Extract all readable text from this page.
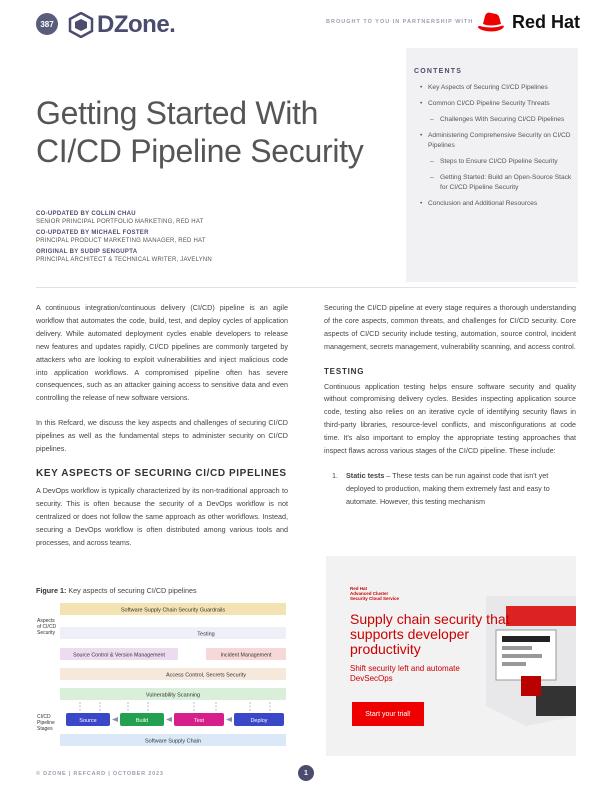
387 DZone.	BROUGHT TO YOU IN PARTNERSHIP WITH Red Hat
CONTENTS
• Key Aspects of Securing CI/CD Pipelines
• Common CI/CD Pipeline Security Threats
– Challenges With Securing CI/CD Pipelines
• Administering Comprehensive Security on CI/CD Pipelines
– Steps to Ensure CI/CD Pipeline Security
– Getting Started: Build an Open-Source Stack for CI/CD Pipeline Security
• Conclusion and Additional Resources
Getting Started With
CI/CD Pipeline Security
CO-UPDATED BY COLLIN CHAU
SENIOR PRINCIPAL PORTFOLIO MARKETING, RED HAT
CO-UPDATED BY MICHAEL FOSTER
PRINCIPAL PRODUCT MARKETING MANAGER, RED HAT
ORIGINAL BY SUDIP SENGUPTA
PRINCIPAL ARCHITECT & TECHNICAL WRITER, JAVELYNN

A continuous integration/continuous delivery (CI/CD) pipeline is an agile workflow that automates the code, build, test, and deploy cycles of application delivery. While automated deployment cycles enable developers to release new features and updates rapidly, CI/CD pipelines are commonly targeted by attackers who are looking to exploit vulnerabilities and inject malicious code into application workflows. A compromised pipeline often has severe consequences, such as an attacker gaining access to sensitive data and even controlling the release of new software versions.

In this Refcard, we discuss the key aspects and challenges of securing CI/CD pipelines as well as the fundamental steps to administer security on CI/CD pipelines.

KEY ASPECTS OF SECURING CI/CD PIPELINES

A DevOps workflow is typically characterized by its non-traditional approach to security. This is often because the security of a DevOps workflow is not centralized or does not follow the same approach as other workflows. Instead, securing a DevOps workflow is often distributed among various tools and processes, and across teams.

Figure 1: Key aspects of securing CI/CD pipelines
Software Supply Chain Security Guardrails
Aspects of CI/CD Security	Testing
Source Control & Version Management	Incident Management
Access Control, Secrets Security
Vulnerability Scanning
CI/CD Pipeline Stages
Source	Build	Test	Deploy
Software Supply Chain

Securing the CI/CD pipeline at every stage requires a thorough understanding of the core aspects, common threats, and challenges for CI/CD security. Core aspects of CI/CD security include testing, automation, source control, incident management, secrets management, vulnerability scanning, and access control.

TESTING

Continuous application testing helps ensure software security and quality without compromising delivery cycles. Besides inspecting application source code, testing also relies on an iterative cycle of identifying security flaws in third-party libraries, resource-level conflicts, and misconfigurations at code time. It's also important to employ the appropriate testing approaches that inspect flaws across various stages of the CI/CD pipeline. These include:

1. Static tests – These tests can be run against code that isn't yet deployed to production, making them extremely fast and easy to automate. However, this testing mechanism
Red Hat
Advanced Cluster
Security Cloud Service
Supply chain security that supports developer productivity
Shift security left and automate DevSecOps
Start your trial!
© DZONE | REFCARD | OCTOBER 2023	1
